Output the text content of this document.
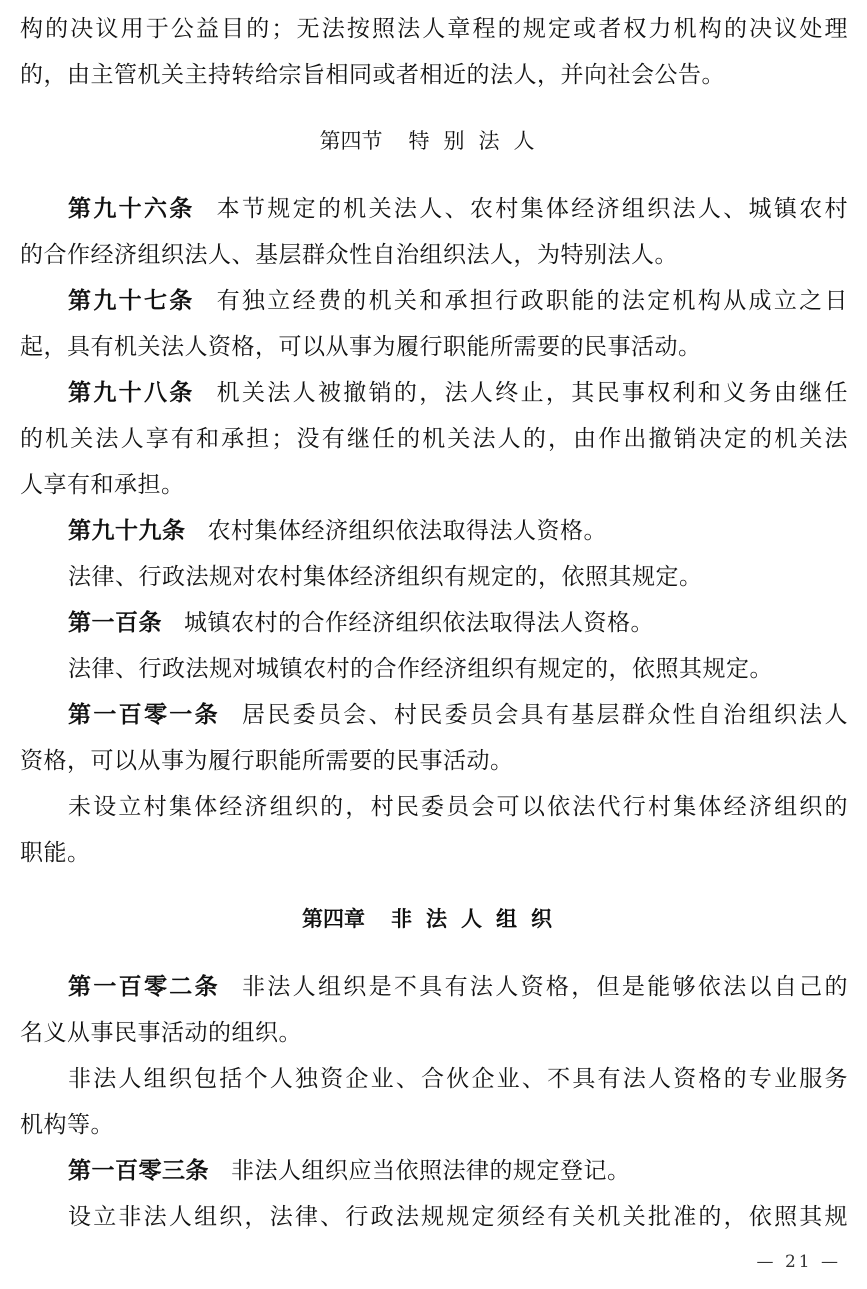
构的决议用于公益目的；无法按照法人章程的规定或者权力机构的决议处理
的，由主管机关主持转给宗旨相同或者相近的法人，并向社会公告。
第四节 特别法人
第九十六条 本节规定的机关法人、农村集体经济组织法人、城镇农村
的合作经济组织法人、基层群众性自治组织法人，为特别法人。
第九十七条 有独立经费的机关和承担行政职能的法定机构从成立之日
起，具有机关法人资格，可以从事为履行职能所需要的民事活动。
第九十八条 机关法人被撤销的，法人终止，其民事权利和义务由继任
的机关法人享有和承担；没有继任的机关法人的，由作出撤销决定的机关法
人享有和承担。
第九十九条 农村集体经济组织依法取得法人资格。
法律、行政法规对农村集体经济组织有规定的，依照其规定。
第一百条 城镇农村的合作经济组织依法取得法人资格。
法律、行政法规对城镇农村的合作经济组织有规定的，依照其规定。
第一百零一条 居民委员会、村民委员会具有基层群众性自治组织法人
资格，可以从事为履行职能所需要的民事活动。
未设立村集体经济组织的，村民委员会可以依法代行村集体经济组织的
职能。
第四章 非法人组织
第一百零二条 非法人组织是不具有法人资格，但是能够依法以自己的
名义从事民事活动的组织。
非法人组织包括个人独资企业、合伙企业、不具有法人资格的专业服务
机构等。
第一百零三条 非法人组织应当依照法律的规定登记。
设立非法人组织，法律、行政法规规定须经有关机关批准的，依照其规
— 21 —
